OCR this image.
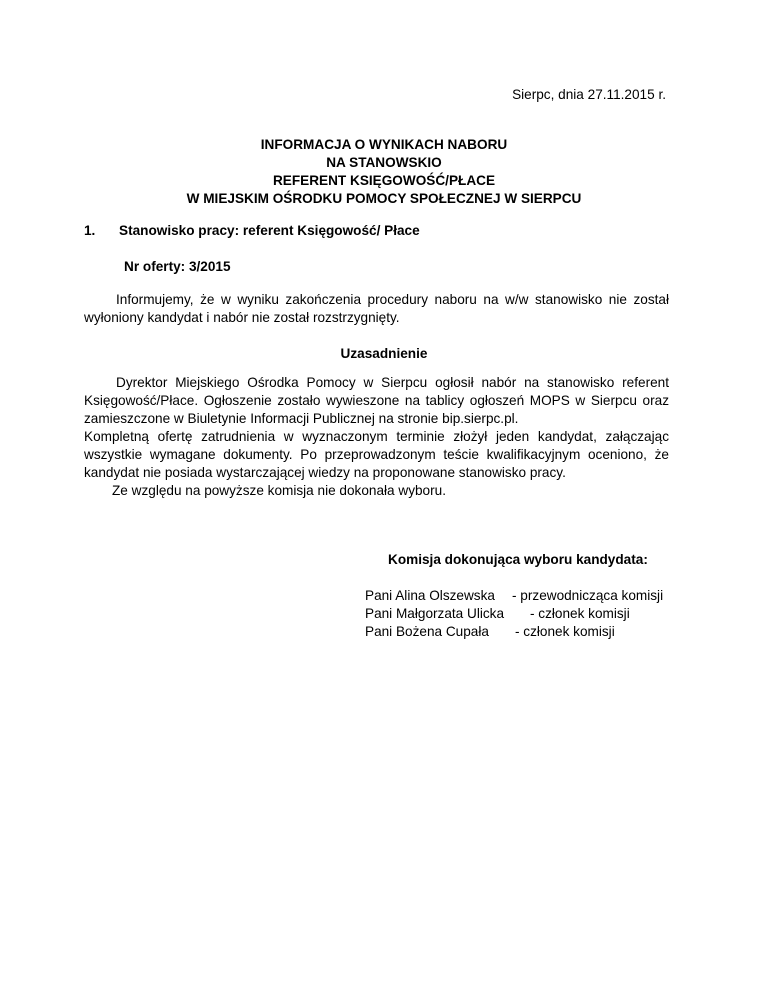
Sierpc, dnia 27.11.2015 r.
INFORMACJA O WYNIKACH NABORU
NA STANOWSKIO
REFERENT KSIĘGOWOŚĆ/PŁACE
W MIEJSKIM OŚRODKU POMOCY SPOŁECZNEJ W SIERPCU
1. Stanowisko pracy: referent Księgowość/ Płace
Nr oferty: 3/2015
Informujemy, że w wyniku zakończenia procedury naboru na w/w stanowisko nie został
wyłoniony kandydat i nabór nie został rozstrzygnięty.
Uzasadnienie
Dyrektor Miejskiego Ośrodka Pomocy w Sierpcu ogłosił nabór na stanowisko referent
Księgowość/Płace. Ogłoszenie zostało wywieszone na tablicy ogłoszeń MOPS w Sierpcu oraz
zamieszczone w Biuletynie Informacji Publicznej na stronie bip.sierpc.pl.
Kompletną ofertę zatrudnienia w wyznaczonym terminie złożył jeden kandydat, załączając
wszystkie wymagane dokumenty. Po przeprowadzonym teście kwalifikacyjnym oceniono, że
kandydat nie posiada wystarczającej wiedzy na proponowane stanowisko pracy.
Ze względu na powyższe komisja nie dokonała wyboru.
Komisja dokonująca wyboru kandydata:
Pani Alina Olszewska - przewodnicząca komisji
Pani Małgorzata Ulicka - członek komisji
Pani Bożena Cupała - członek komisji
